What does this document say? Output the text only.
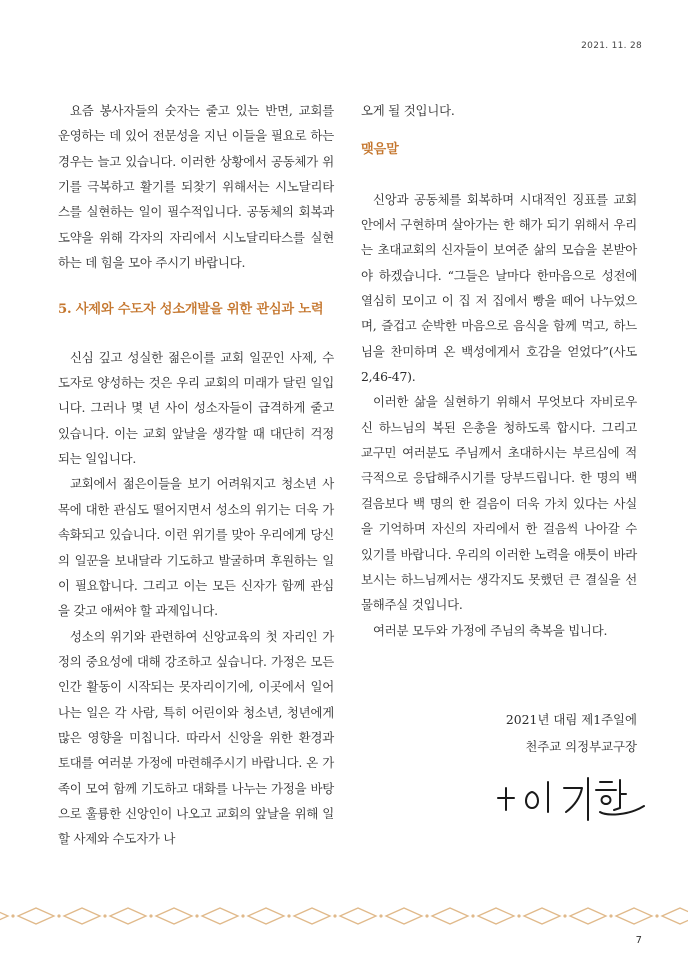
2021. 11. 28

요즘 봉사자들의 숫자는 줄고 있는 반면, 교회를 운영하는 데 있어 전문성을 지닌 이들을 필요로 하는 경우는 늘고 있습니다. 이러한 상황에서 공동체가 위기를 극복하고 활기를 되찾기 위해서는 시노달리타스를 실현하는 일이 필수적입니다. 공동체의 회복과 도약을 위해 각자의 자리에서 시노달리타스를 실현하는 데 힘을 모아 주시기 바랍니다.

5. 사제와 수도자 성소개발을 위한 관심과 노력

신심 깊고 성실한 젊은이를 교회 일꾼인 사제, 수도자로 양성하는 것은 우리 교회의 미래가 달린 일입니다. 그러나 몇 년 사이 성소자들이 급격하게 줄고 있습니다. 이는 교회 앞날을 생각할 때 대단히 걱정되는 일입니다.

교회에서 젊은이들을 보기 어려워지고 청소년 사목에 대한 관심도 떨어지면서 성소의 위기는 더욱 가속화되고 있습니다. 이런 위기를 맞아 우리에게 당신의 일꾼을 보내달라 기도하고 발굴하며 후원하는 일이 필요합니다. 그리고 이는 모든 신자가 함께 관심을 갖고 애써야 할 과제입니다.

성소의 위기와 관련하여 신앙교육의 첫 자리인 가정의 중요성에 대해 강조하고 싶습니다. 가정은 모든 인간 활동이 시작되는 못자리이기에, 이곳에서 일어나는 일은 각 사람, 특히 어린이와 청소년, 청년에게 많은 영향을 미칩니다. 따라서 신앙을 위한 환경과 토대를 여러분 가정에 마련해주시기 바랍니다. 온 가족이 모여 함께 기도하고 대화를 나누는 가정을 바탕으로 훌륭한 신앙인이 나오고 교회의 앞날을 위해 일할 사제와 수도자가 나

오게 될 것입니다.

맺음말

신앙과 공동체를 회복하며 시대적인 징표를 교회 안에서 구현하며 살아가는 한 해가 되기 위해서 우리는 초대교회의 신자들이 보여준 삶의 모습을 본받아야 하겠습니다. “그들은 날마다 한마음으로 성전에 열심히 모이고 이 집 저 집에서 빵을 떼어 나누었으며, 즐겁고 순박한 마음으로 음식을 함께 먹고, 하느님을 찬미하며 온 백성에게서 호감을 얻었다”(사도 2,46-47).

이러한 삶을 실현하기 위해서 무엇보다 자비로우신 하느님의 복된 은총을 청하도록 합시다. 그리고 교구민 여러분도 주님께서 초대하시는 부르심에 적극적으로 응답해주시기를 당부드립니다. 한 명의 백 걸음보다 백 명의 한 걸음이 더욱 가치 있다는 사실을 기억하며 자신의 자리에서 한 걸음씩 나아갈 수 있기를 바랍니다. 우리의 이러한 노력을 애틋이 바라보시는 하느님께서는 생각지도 못했던 큰 결실을 선물해주실 것입니다.

여러분 모두와 가정에 주님의 축복을 빕니다.

2021년 대림 제1주일에
천주교 의정부교구장
7
